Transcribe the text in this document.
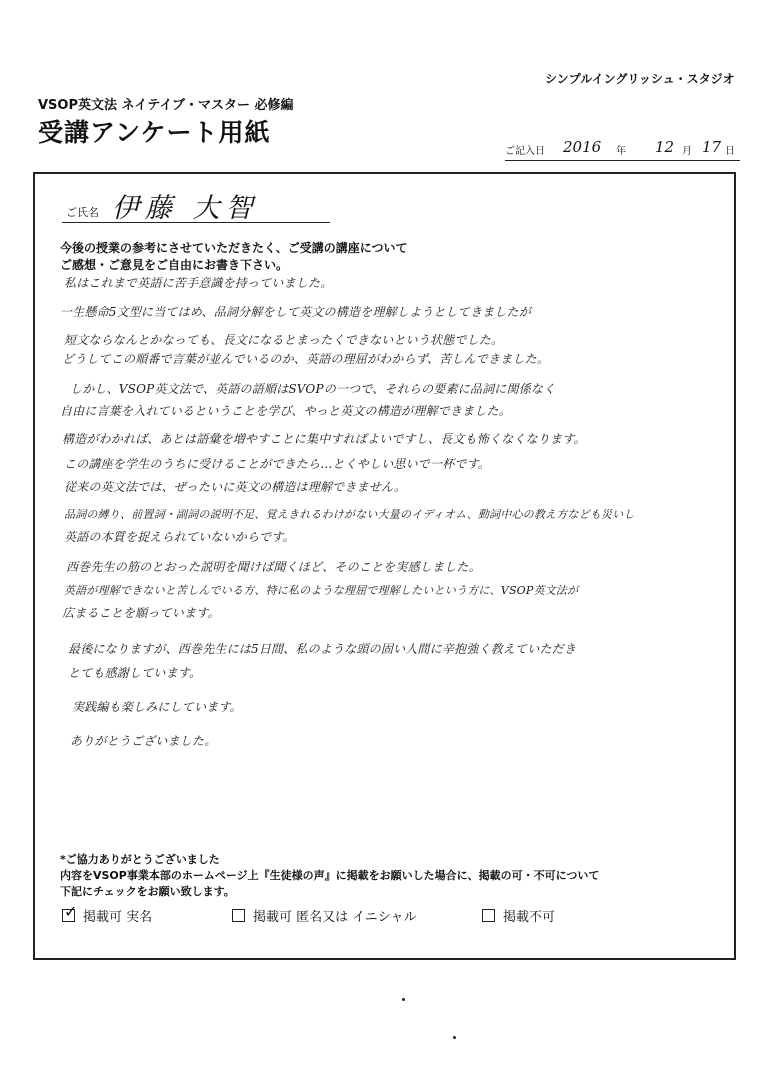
シンプルイングリッシュ・スタジオ
VSOP英文法 ネイテイブ・マスター 必修編
受講アンケート用紙
ご記入日 2016 年 12 月 17 日
ご氏名 伊藤 大智
今後の授業の参考にさせていただきたく、ご受講の講座について
ご感想・ご意見をご自由にお書き下さい。
私はこれまで英語に苦手意識を持っていました。
一生懸命5文型に当てはめ、品詞分解をして英文の構造を理解しようとしてきましたが
短文ならなんとかなっても、長文になるとまったくできないという状態でした。
どうしてこの順番で言葉が並んでいるのか、英語の理屈がわからず、苦しんできました。
しかし、VSOP英文法で、英語の語順はSVOPの一つで、それらの要素に品詞に関係なく
自由に言葉を入れているということを学び、やっと英文の構造が理解できました。
構造がわかれば、あとは語彙を増やすことに集中すればよいですし、長文も怖くなくなります。
この講座を学生のうちに受けることができたら…とくやしい思いで一杯です。
従来の英文法では、ぜったいに英文の構造は理解できません。
品詞の縛り、前置詞・副詞の説明不足、覚えきれるわけがない大量のイディオム、動詞中心の教え方なども災いし
英語の本質を捉えられていないからです。
西巻先生の筋のとおった説明を聞けば聞くほど、そのことを実感しました。
英語が理解できないと苦しんでいる方、特に私のような理屈で理解したいという方に、VSOP英文法が
広まることを願っています。
最後になりますが、西巻先生には5日間、私のような頭の固い人間に辛抱強く教えていただき
とても感謝しています。
実践編も楽しみにしています。
ありがとうございました。
*ご協力ありがとうございました
内容をVSOP事業本部のホームページ上『生徒様の声』に掲載をお願いした場合に、掲載の可・不可について
下記にチェックをお願い致します。
✓ 掲載可 実名	掲載可 匿名又は イニシャル	掲載不可
